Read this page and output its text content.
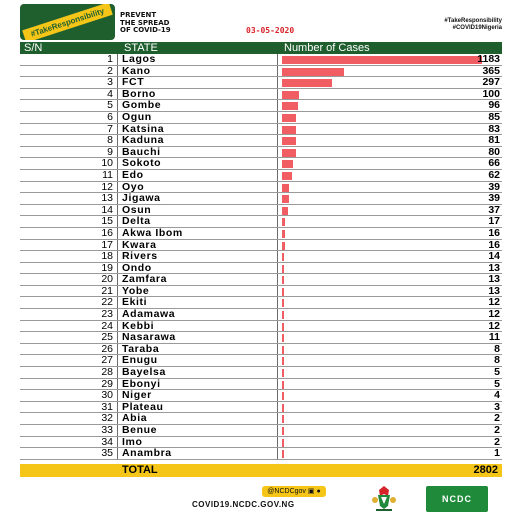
#TakeResponsibility	PREVENT
THE SPREAD
OF COVID-19	03-05-2020
#TakeResponsibility
#COVID19Nigeria
S/N	STATE	Number of Cases
1 Lagos	1183
2 Kano	365
3 FCT	297
4 Borno	100
5 Gombe	96
6 Ogun	85
7 Katsina	83
8 Kaduna	81
9 Bauchi	80
10 Sokoto	66
11 Edo	62
12 Oyo	39
13 Jigawa	39
14 Osun	37
15 Delta	17
16 Akwa Ibom	16
17 Kwara	16
18 Rivers	14
19 Ondo	13
20 Zamfara	13
21 Yobe	13
22 Ekiti	12
23 Adamawa	12
24 Kebbi	12
25 Nasarawa	11
26 Taraba	8
27 Enugu	8
28 Bayelsa	5
29 Ebonyi	5
30 Niger	4
31 Plateau	3
32 Abia	2
33 Benue	2
34 Imo	2
35 Anambra	1
TOTAL	2802
@NCDCgov ▣ ●
COVID19.NCDC.GOV.NG
NCDC
